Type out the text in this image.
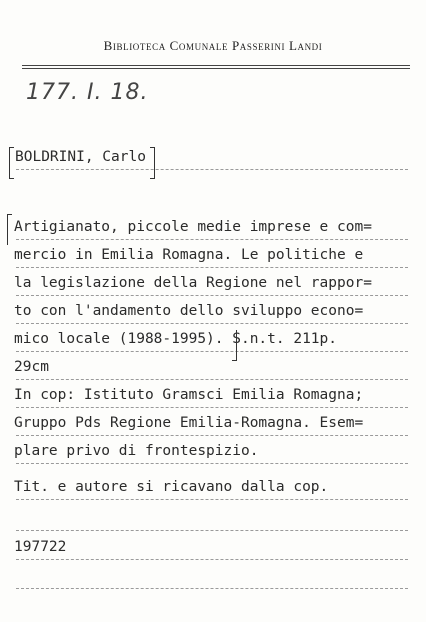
Biblioteca Comunale Passerini Landi
177. I. 18.
BOLDRINI, Carlo
Artigianato, piccole medie imprese e com=
mercio in Emilia Romagna. Le politiche e
la legislazione della Regione nel rappor=
to con l'andamento dello sviluppo econo=
mico locale (1988-1995). S.n.t. 211p.
29cm
In cop: Istituto Gramsci Emilia Romagna;
Gruppo Pds Regione Emilia-Romagna. Esem=
plare privo di frontespizio.
Tit. e autore si ricavano dalla cop.
197722
